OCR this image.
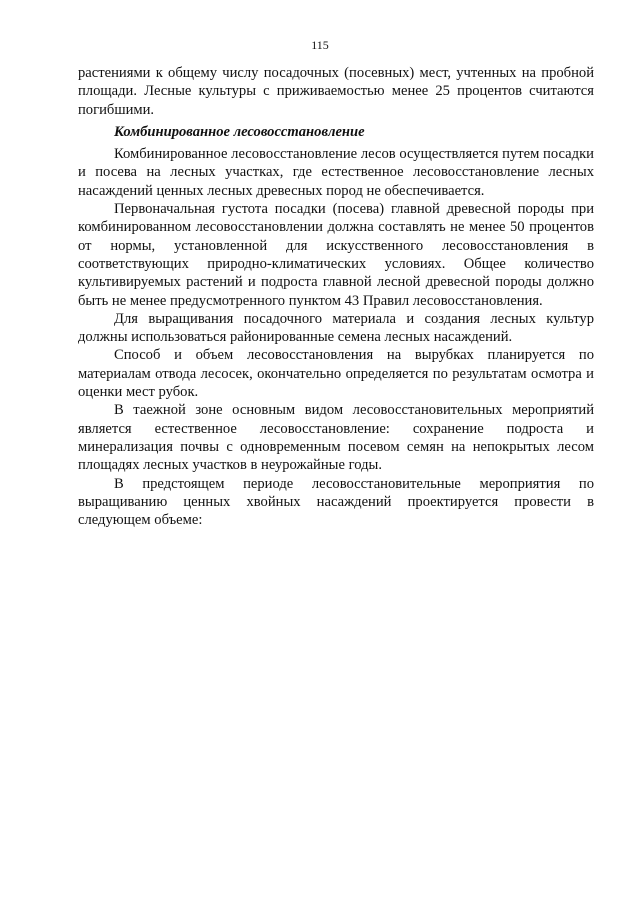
115

растениями к общему числу посадочных (посевных) мест, учтенных на пробной площади. Лесные культуры с приживаемостью менее 25 процентов считаются погибшими.

Комбинированное лесовосстановление

Комбинированное лесовосстановление лесов осуществляется путем посадки и посева на лесных участках, где естественное лесовосстановление лесных насаждений ценных лесных древесных пород не обеспечивается.

Первоначальная густота посадки (посева) главной древесной породы при комбинированном лесовосстановлении должна составлять не менее 50 процентов от нормы, установленной для искусственного лесовосстановления в соответствующих природно-климатических условиях. Общее количество культивируемых растений и подроста главной лесной древесной породы должно быть не менее предусмотренного пунктом 43 Правил лесовосстановления.

Для выращивания посадочного материала и создания лесных культур должны использоваться районированные семена лесных насаждений.

Способ и объем лесовосстановления на вырубках планируется по материалам отвода лесосек, окончательно определяется по результатам осмотра и оценки мест рубок.

В таежной зоне основным видом лесовосстановительных мероприятий является естественное лесовосстановление: сохранение подроста и минерализация почвы с одновременным посевом семян на непокрытых лесом площадях лесных участков в неурожайные годы.

В предстоящем периоде лесовосстановительные мероприятия по выращиванию ценных хвойных насаждений проектируется провести в следующем объеме:
